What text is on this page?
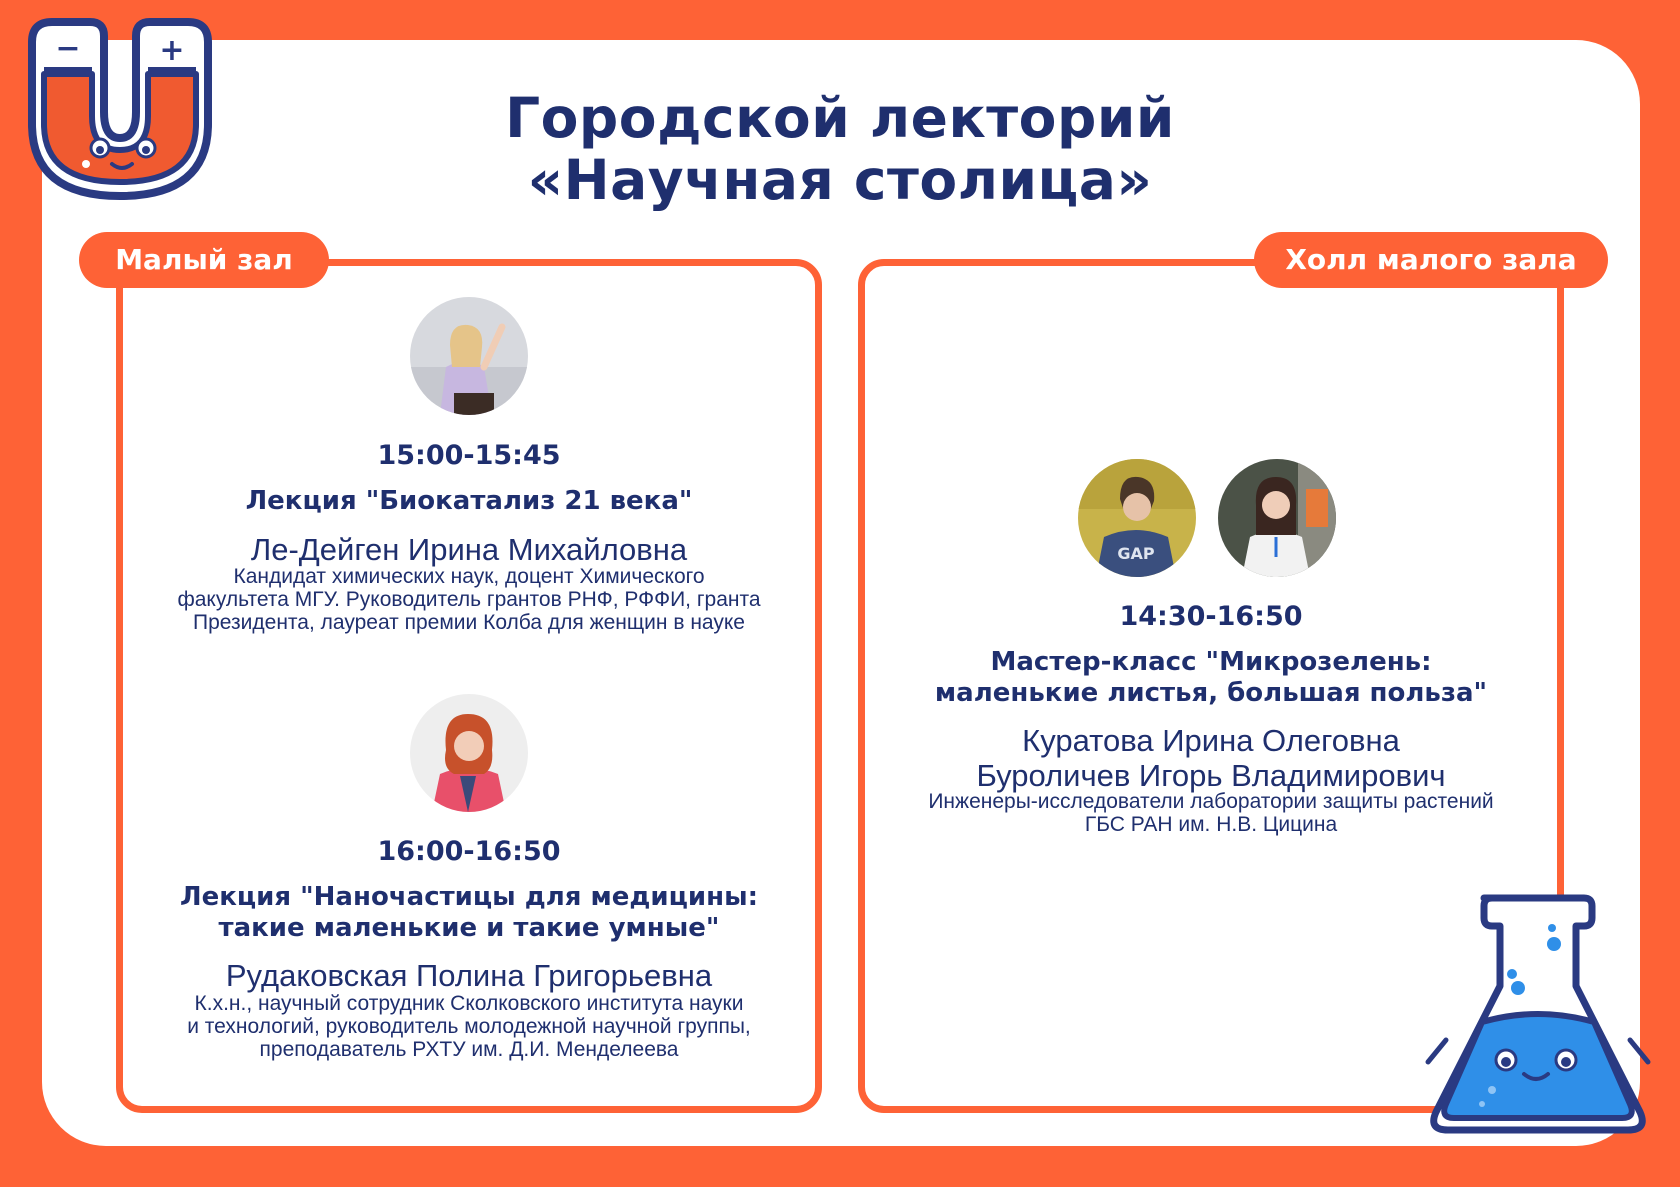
−	+
Городской лекторий
«Научная столица»
Малый зал	Холл малого зала
15:00-15:45
Лекция "Биокатализ 21 века"
Ле-Дейген Ирина Михайловна
Кандидат химических наук, доцент Химического
факультета МГУ. Руководитель грантов РНФ, РФФИ, гранта
Президента, лауреат премии Колба для женщин в науке
16:00-16:50
Лекция "Наночастицы для медицины:
такие маленькие и такие умные"
Рудаковская Полина Григорьевна
К.х.н., научный сотрудник Сколковского института науки
и технологий, руководитель молодежной научной группы,
преподаватель РХТУ им. Д.И. Менделеева
GAP
14:30-16:50
Мастер-класс "Микрозелень:
маленькие листья, большая польза"
Куратова Ирина Олеговна
Буроличев Игорь Владимирович
Инженеры-исследователи лаборатории защиты растений
ГБС РАН им. Н.В. Цицина
